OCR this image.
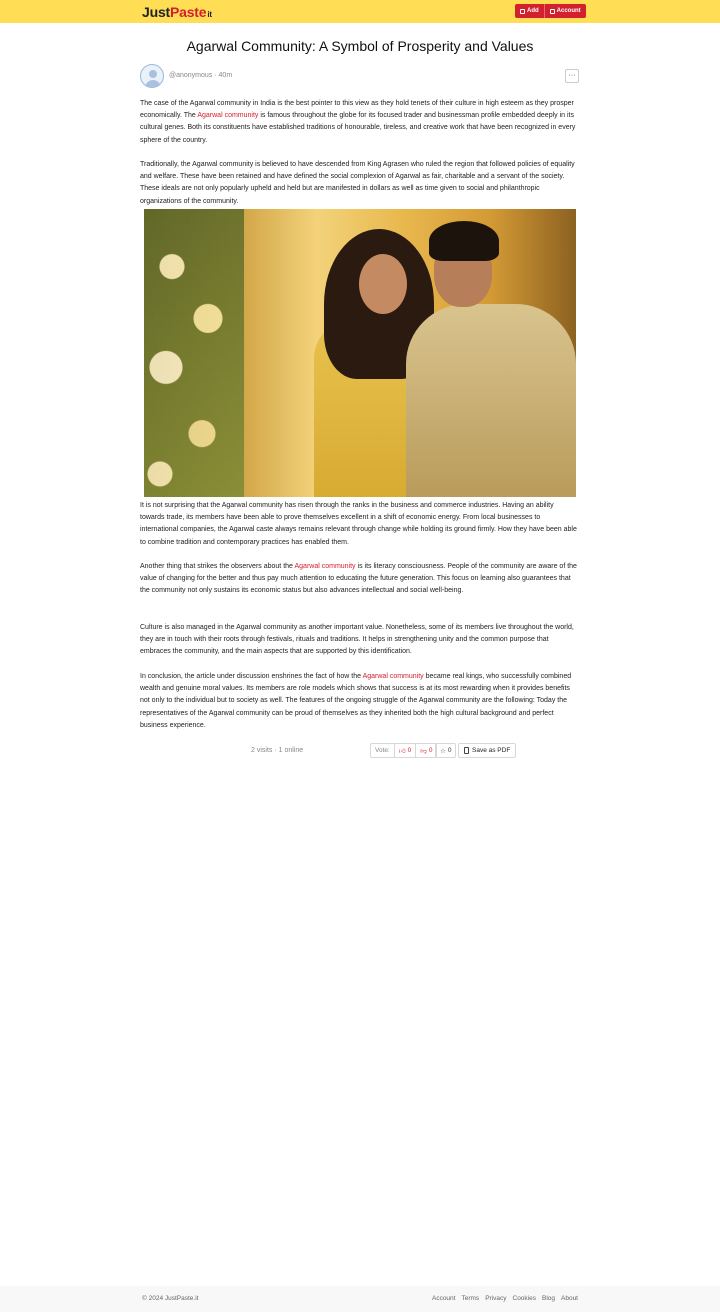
JustPasteit	Add	Account
Agarwal Community: A Symbol of Prosperity and Values
@anonymous · 40m	···

The case of the Agarwal community in India is the best pointer to this view as they hold tenets of their culture in high esteem as they prosper economically. The Agarwal community is famous throughout the globe for its focused trader and businessman profile embedded deeply in its cultural genes. Both its constituents have established traditions of honourable, tireless, and creative work that have been recognized in every sphere of the country.

Traditionally, the Agarwal community is believed to have descended from King Agrasen who ruled the region that followed policies of equality and welfare. These have been retained and have defined the social complexion of Agarwal as fair, charitable and a servant of the society. These ideals are not only popularly upheld and held but are manifested in dollars as well as time given to social and philanthropic organizations of the community.

It is not surprising that the Agarwal community has risen through the ranks in the business and commerce industries. Having an ability towards trade, its members have been able to prove themselves excellent in a shift of economic energy. From local businesses to international companies, the Agarwal caste always remains relevant through change while holding its ground firmly. How they have been able to combine tradition and contemporary practices has enabled them.

Another thing that strikes the observers about the Agarwal community is its literacy consciousness. People of the community are aware of the value of changing for the better and thus pay much attention to educating the future generation. This focus on learning also guarantees that the community not only sustains its economic status but also advances intellectual and social well-being.

Culture is also managed in the Agarwal community as another important value. Nonetheless, some of its members live throughout the world, they are in touch with their roots through festivals, rituals and traditions. It helps in strengthening unity and the common purpose that embraces the community, and the main aspects that are supported by this identification.

In conclusion, the article under discussion enshrines the fact of how the Agarwal community became real kings, who successfully combined wealth and genuine moral values. Its members are role models which shows that success is at its most rewarding when it provides benefits not only to the individual but to society as well. The features of the ongoing struggle of the Agarwal community are the following: Today the representatives of the Agarwal community can be proud of themselves as they inherited both the high cultural background and perfect business experience.

2 visits · 1 online	Vote:	👍︎ 0 👎︎ 0 ☆ 0	Save as PDF
© 2024 JustPaste.it	Account Terms Privacy Cookies Blog About
